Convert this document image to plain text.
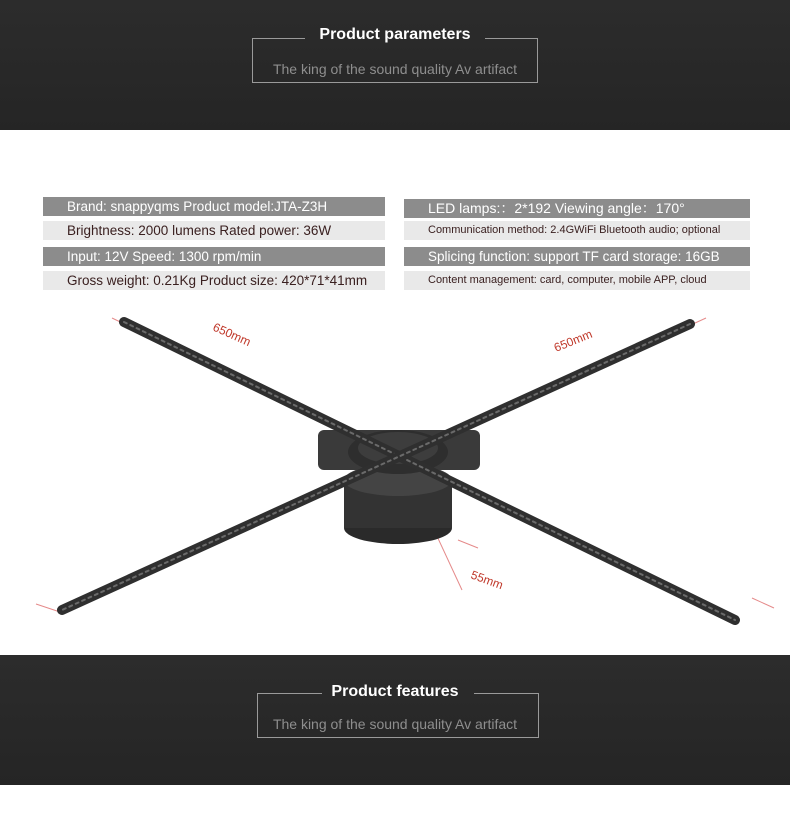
Product parameters
The king of the sound quality Av artifact
Brand: snappyqms Product model:JTA-Z3H
Brightness: 2000 lumens Rated power: 36W
Input: 12V Speed: 1300 rpm/min
Gross weight: 0.21Kg Product size: 420*71*41mm
LED lamps:：2*192 Viewing angle：170°
Communication method: 2.4GWiFi Bluetooth audio; optional
Splicing function: support TF card storage: 16GB
Content management: card, computer, mobile APP, cloud
650mm	650mm
55mm
Product features
The king of the sound quality Av artifact
